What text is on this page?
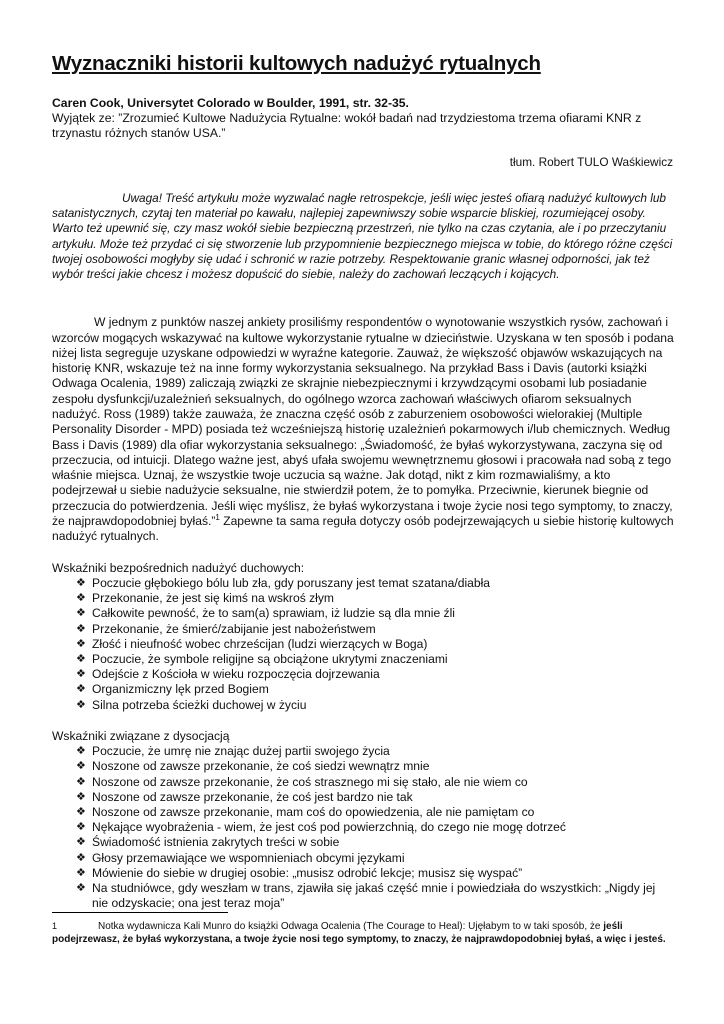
Wyznaczniki historii kultowych nadużyć rytualnych
Caren Cook, Universytet Colorado w Boulder, 1991, str. 32-35.
Wyjątek ze: ”Zrozumieć Kultowe Nadużycia Rytualne: wokół badań nad trzydziestoma trzema ofiarami KNR z trzynastu różnych stanów USA.”
tłum. Robert TULO Waśkiewicz

Uwaga! Treść artykułu może wyzwalać nagłe retrospekcje, jeśli więc jesteś ofiarą nadużyć kultowych lub satanistycznych, czytaj ten materiał po kawału, najlepiej zapewniwszy sobie wsparcie bliskiej, rozumiejącej osoby. Warto też upewnić się, czy masz wokół siebie bezpieczną przestrzeń, nie tylko na czas czytania, ale i po przeczytaniu artykułu. Może też przydać ci się stworzenie lub przypomnienie bezpiecznego miejsca w tobie, do którego różne części twojej osobowości mogłyby się udać i schronić w razie potrzeby. Respektowanie granic własnej odporności, jak też wybór treści jakie chcesz i możesz dopuścić do siebie, należy do zachowań leczących i kojących.

W jednym z punktów naszej ankiety prosiliśmy respondentów o wynotowanie wszystkich rysów, zachowań i wzorców mogących wskazywać na kultowe wykorzystanie rytualne w dzieciństwie. Uzyskana w ten sposób i podana niżej lista segreguje uzyskane odpowiedzi w wyraźne kategorie. Zauważ, że większość objawów wskazujących na historię KNR, wskazuje też na inne formy wykorzystania seksualnego. Na przykład Bass i Davis (autorki książki Odwaga Ocalenia, 1989) zaliczają związki ze skrajnie niebezpiecznymi i krzywdzącymi osobami lub posiadanie zespołu dysfunkcji/uzależnień seksualnych, do ogólnego wzorca zachowań właściwych ofiarom seksualnych nadużyć. Ross (1989) także zauważa, że znaczna część osób z zaburzeniem osobowości wielorakiej (Multiple Personality Disorder - MPD) posiada też wcześniejszą historię uzależnień pokarmowych i/lub chemicznych. Według Bass i Davis (1989) dla ofiar wykorzystania seksualnego: „Świadomość, że byłaś wykorzystywana, zaczyna się od przeczucia, od intuicji. Dlatego ważne jest, abyś ufała swojemu wewnętrznemu głosowi i pracowała nad sobą z tego właśnie miejsca. Uznaj, że wszystkie twoje uczucia są ważne. Jak dotąd, nikt z kim rozmawialiśmy, a kto podejrzewał u siebie nadużycie seksualne, nie stwierdził potem, że to pomyłka. Przeciwnie, kierunek biegnie od przeczucia do potwierdzenia. Jeśli więc myślisz, że byłaś wykorzystana i twoje życie nosi tego symptomy, to znaczy, że najprawdopodobniej byłaś.”$^1$ Zapewne ta sama reguła dotyczy osób podejrzewających u siebie historię kultowych nadużyć rytualnych.

Wskaźniki bezpośrednich nadużyć duchowych:

❖ Poczucie głębokiego bólu lub zła, gdy poruszany jest temat szatana/diabła
❖ Przekonanie, że jest się kimś na wskroś złym
❖ Całkowite pewność, że to sam(a) sprawiam, iż ludzie są dla mnie źli
❖ Przekonanie, że śmierć/zabijanie jest nabożeństwem
❖ Złość i nieufność wobec chrześcijan (ludzi wierzących w Boga)
❖ Poczucie, że symbole religijne są obciążone ukrytymi znaczeniami
❖ Odejście z Kościoła w wieku rozpoczęcia dojrzewania
❖ Organizmiczny lęk przed Bogiem
❖ Silna potrzeba ścieżki duchowej w życiu

Wskaźniki związane z dysocjacją

❖ Poczucie, że umrę nie znając dużej partii swojego życia
❖ Noszone od zawsze przekonanie, że coś siedzi wewnątrz mnie
❖ Noszone od zawsze przekonanie, że coś strasznego mi się stało, ale nie wiem co
❖ Noszone od zawsze przekonanie, że coś jest bardzo nie tak
❖ Noszone od zawsze przekonanie, mam coś do opowiedzenia, ale nie pamiętam co
❖ Nękające wyobrażenia - wiem, że jest coś pod powierzchnią, do czego nie mogę dotrzeć
❖ Świadomość istnienia zakrytych treści w sobie
❖ Głosy przemawiające we wspomnieniach obcymi językami
❖ Mówienie do siebie w drugiej osobie: „musisz odrobić lekcje; musisz się wyspać”
❖ Na studniówce, gdy weszłam w trans, zjawiła się jakaś część mnie i powiedziała do wszystkich: „Nigdy jej nie odzyskacie; ona jest teraz moja”
1	Notka wydawnicza Kali Munro do książki Odwaga Ocalenia (The Courage to Heal): Ujęłabym to w taki sposób, że jeśli podejrzewasz, że byłaś wykorzystana, a twoje życie nosi tego symptomy, to znaczy, że najprawdopodobniej byłaś, a więc i jesteś.
